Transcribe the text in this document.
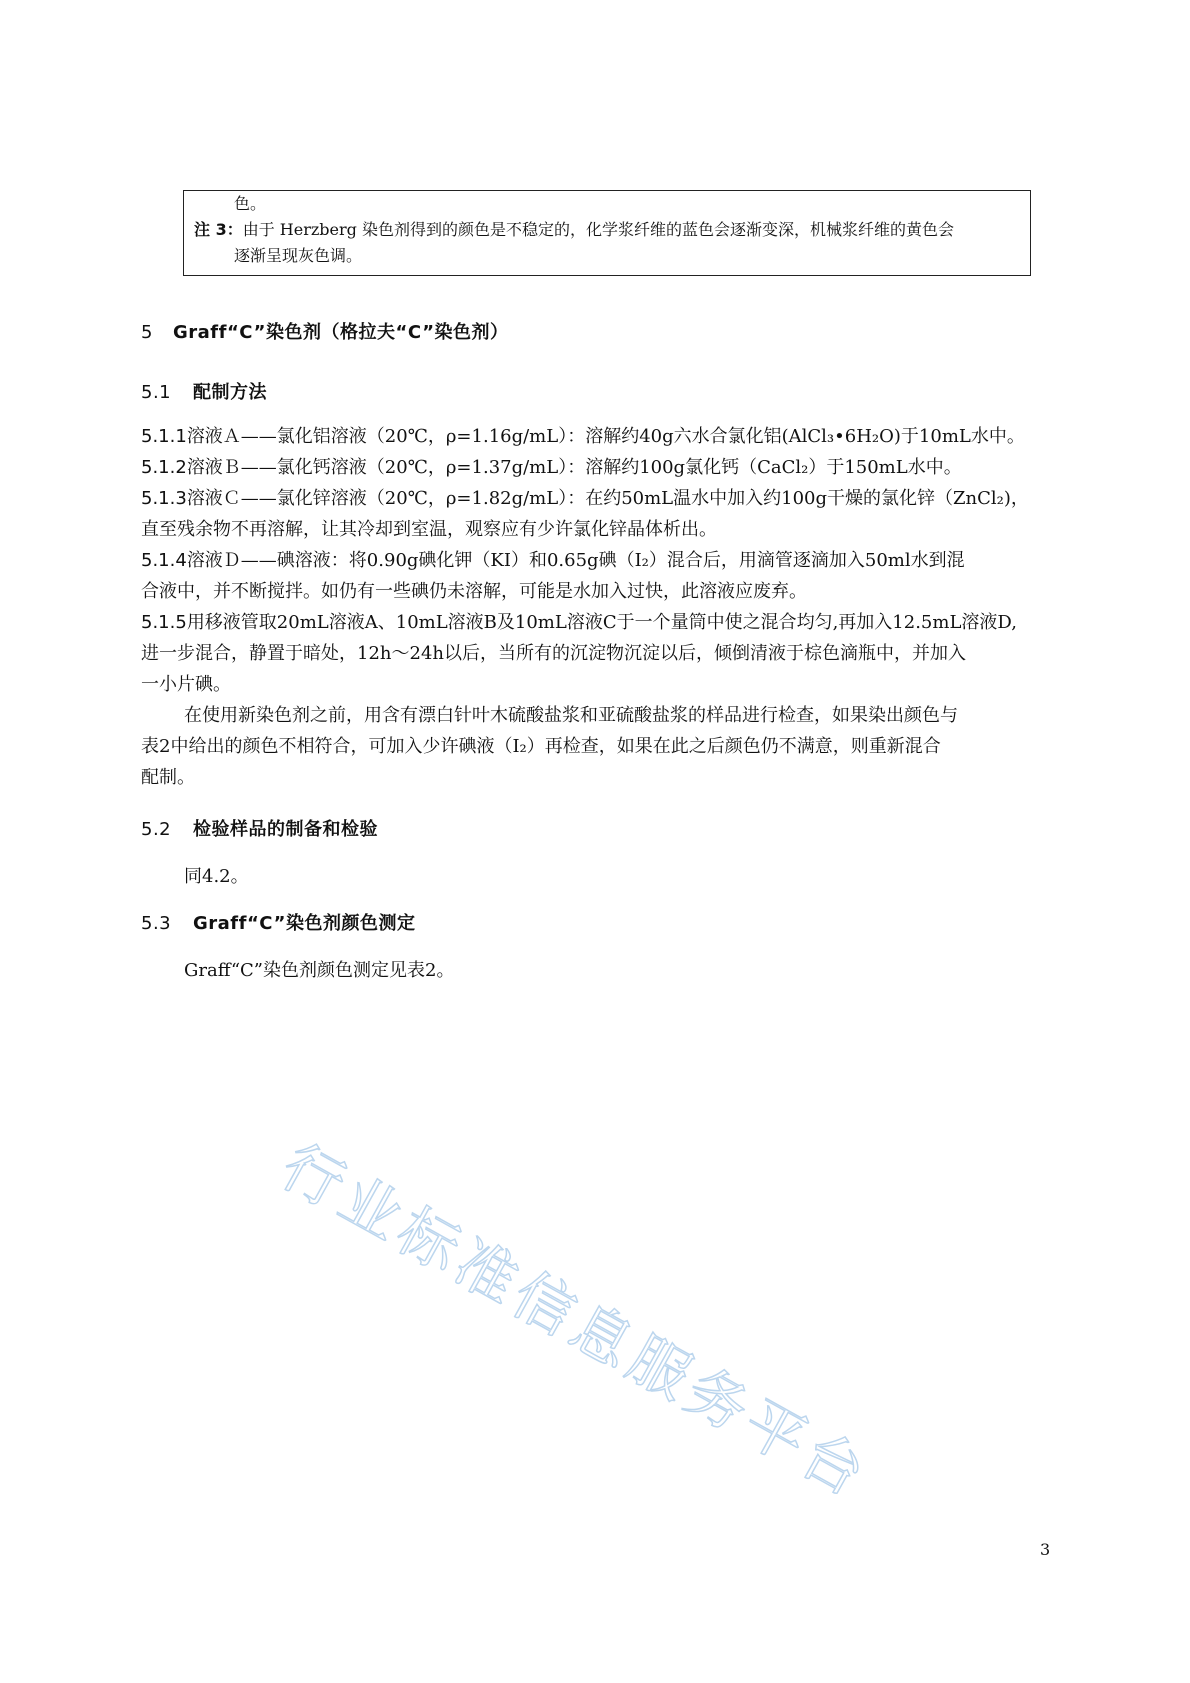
色。
注 3：由于 Herzberg 染色剂得到的颜色是不稳定的，化学浆纤维的蓝色会逐渐变深，机械浆纤维的黄色会
逐渐呈现灰色调。
5 Graff“C”染色剂（格拉夫“C”染色剂）
5.1 配制方法
5.1.1溶液Ａ——氯化铝溶液（20℃，ρ=1.16g/mL）：溶解约40g六水合氯化铝(AlCl₃•6H₂O)于10mL水中。
5.1.2溶液Ｂ——氯化钙溶液（20℃，ρ=1.37g/mL）：溶解约100g氯化钙（CaCl₂）于150mL水中。
5.1.3溶液Ｃ——氯化锌溶液（20℃，ρ=1.82g/mL）：在约50mL温水中加入约100g干燥的氯化锌（ZnCl₂)，
直至残余物不再溶解，让其冷却到室温，观察应有少许氯化锌晶体析出。
5.1.4溶液Ｄ——碘溶液：将0.90g碘化钾（KI）和0.65g碘（I₂）混合后，用滴管逐滴加入50ml水到混
合液中，并不断搅拌。如仍有一些碘仍未溶解，可能是水加入过快，此溶液应废弃。
5.1.5用移液管取20mL溶液A、10mL溶液B及10mL溶液C于一个量筒中使之混合均匀,再加入12.5mL溶液D,
进一步混合，静置于暗处，12h～24h以后，当所有的沉淀物沉淀以后，倾倒清液于棕色滴瓶中，并加入
一小片碘。
在使用新染色剂之前，用含有漂白针叶木硫酸盐浆和亚硫酸盐浆的样品进行检查，如果染出颜色与
表2中给出的颜色不相符合，可加入少许碘液（I₂）再检查，如果在此之后颜色仍不满意，则重新混合
配制。
5.2 检验样品的制备和检验
同4.2。
5.3 Graff“C”染色剂颜色测定
Graff“C”染色剂颜色测定见表2。
行业标准信息服务平台
3
